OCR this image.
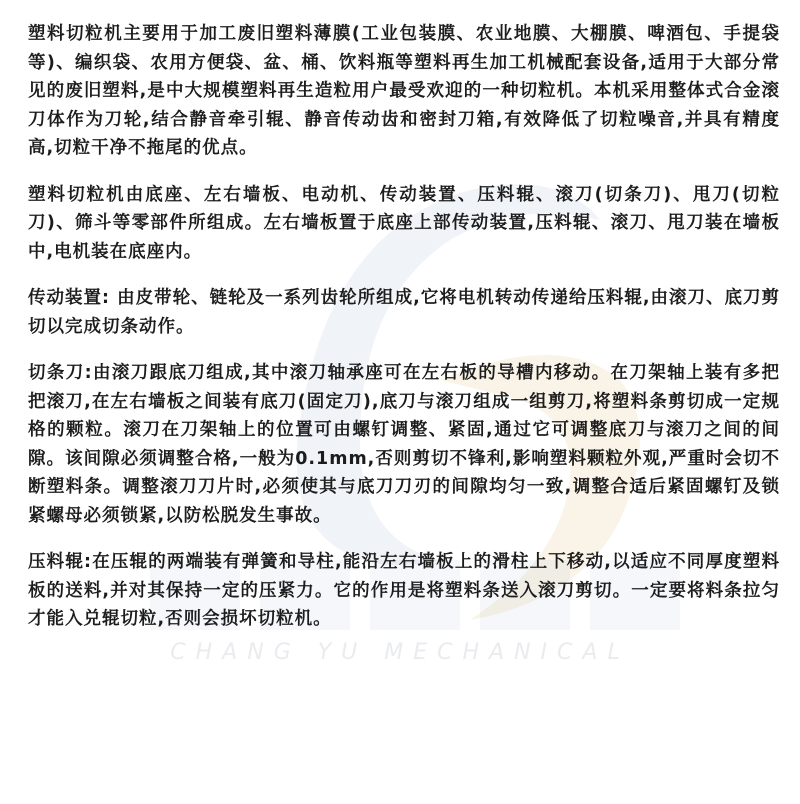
CHANG YU MECHANICAL

塑料切粒机主要用于加工废旧塑料薄膜(工业包装膜、农业地膜、大棚膜、啤酒包、手提袋等)、编织袋、农用方便袋、盆、桶、饮料瓶等塑料再生加工机械配套设备,适用于大部分常见的废旧塑料,是中大规模塑料再生造粒用户最受欢迎的一种切粒机。本机采用整体式合金滚刀体作为刀轮,结合静音牵引辊、静音传动齿和密封刀箱,有效降低了切粒噪音,并具有精度高,切粒干净不拖尾的优点。

塑料切粒机由底座、左右墙板、电动机、传动装置、压料辊、滚刀(切条刀)、甩刀(切粒刀)、筛斗等零部件所组成。左右墙板置于底座上部传动装置,压料辊、滚刀、甩刀装在墙板中,电机装在底座内。

传动装置: 由皮带轮、链轮及一系列齿轮所组成,它将电机转动传递给压料辊,由滚刀、底刀剪切以完成切条动作。

切条刀:由滚刀跟底刀组成,其中滚刀轴承座可在左右板的导槽内移动。在刀架轴上装有多把把滚刀,在左右墙板之间装有底刀(固定刀),底刀与滚刀组成一组剪刀,将塑料条剪切成一定规格的颗粒。滚刀在刀架轴上的位置可由螺钉调整、紧固,通过它可调整底刀与滚刀之间的间隙。该间隙必须调整合格,一般为0.1mm,否则剪切不锋利,影响塑料颗粒外观,严重时会切不断塑料条。调整滚刀刀片时,必须使其与底刀刀刃的间隙均匀一致,调整合适后紧固螺钉及锁紧螺母必须锁紧,以防松脱发生事故。

压料辊:在压辊的两端装有弹簧和导柱,能沿左右墙板上的滑柱上下移动,以适应不同厚度塑料板的送料,并对其保持一定的压紧力。它的作用是将塑料条送入滚刀剪切。一定要将料条拉匀才能入兑辊切粒,否则会损坏切粒机。
